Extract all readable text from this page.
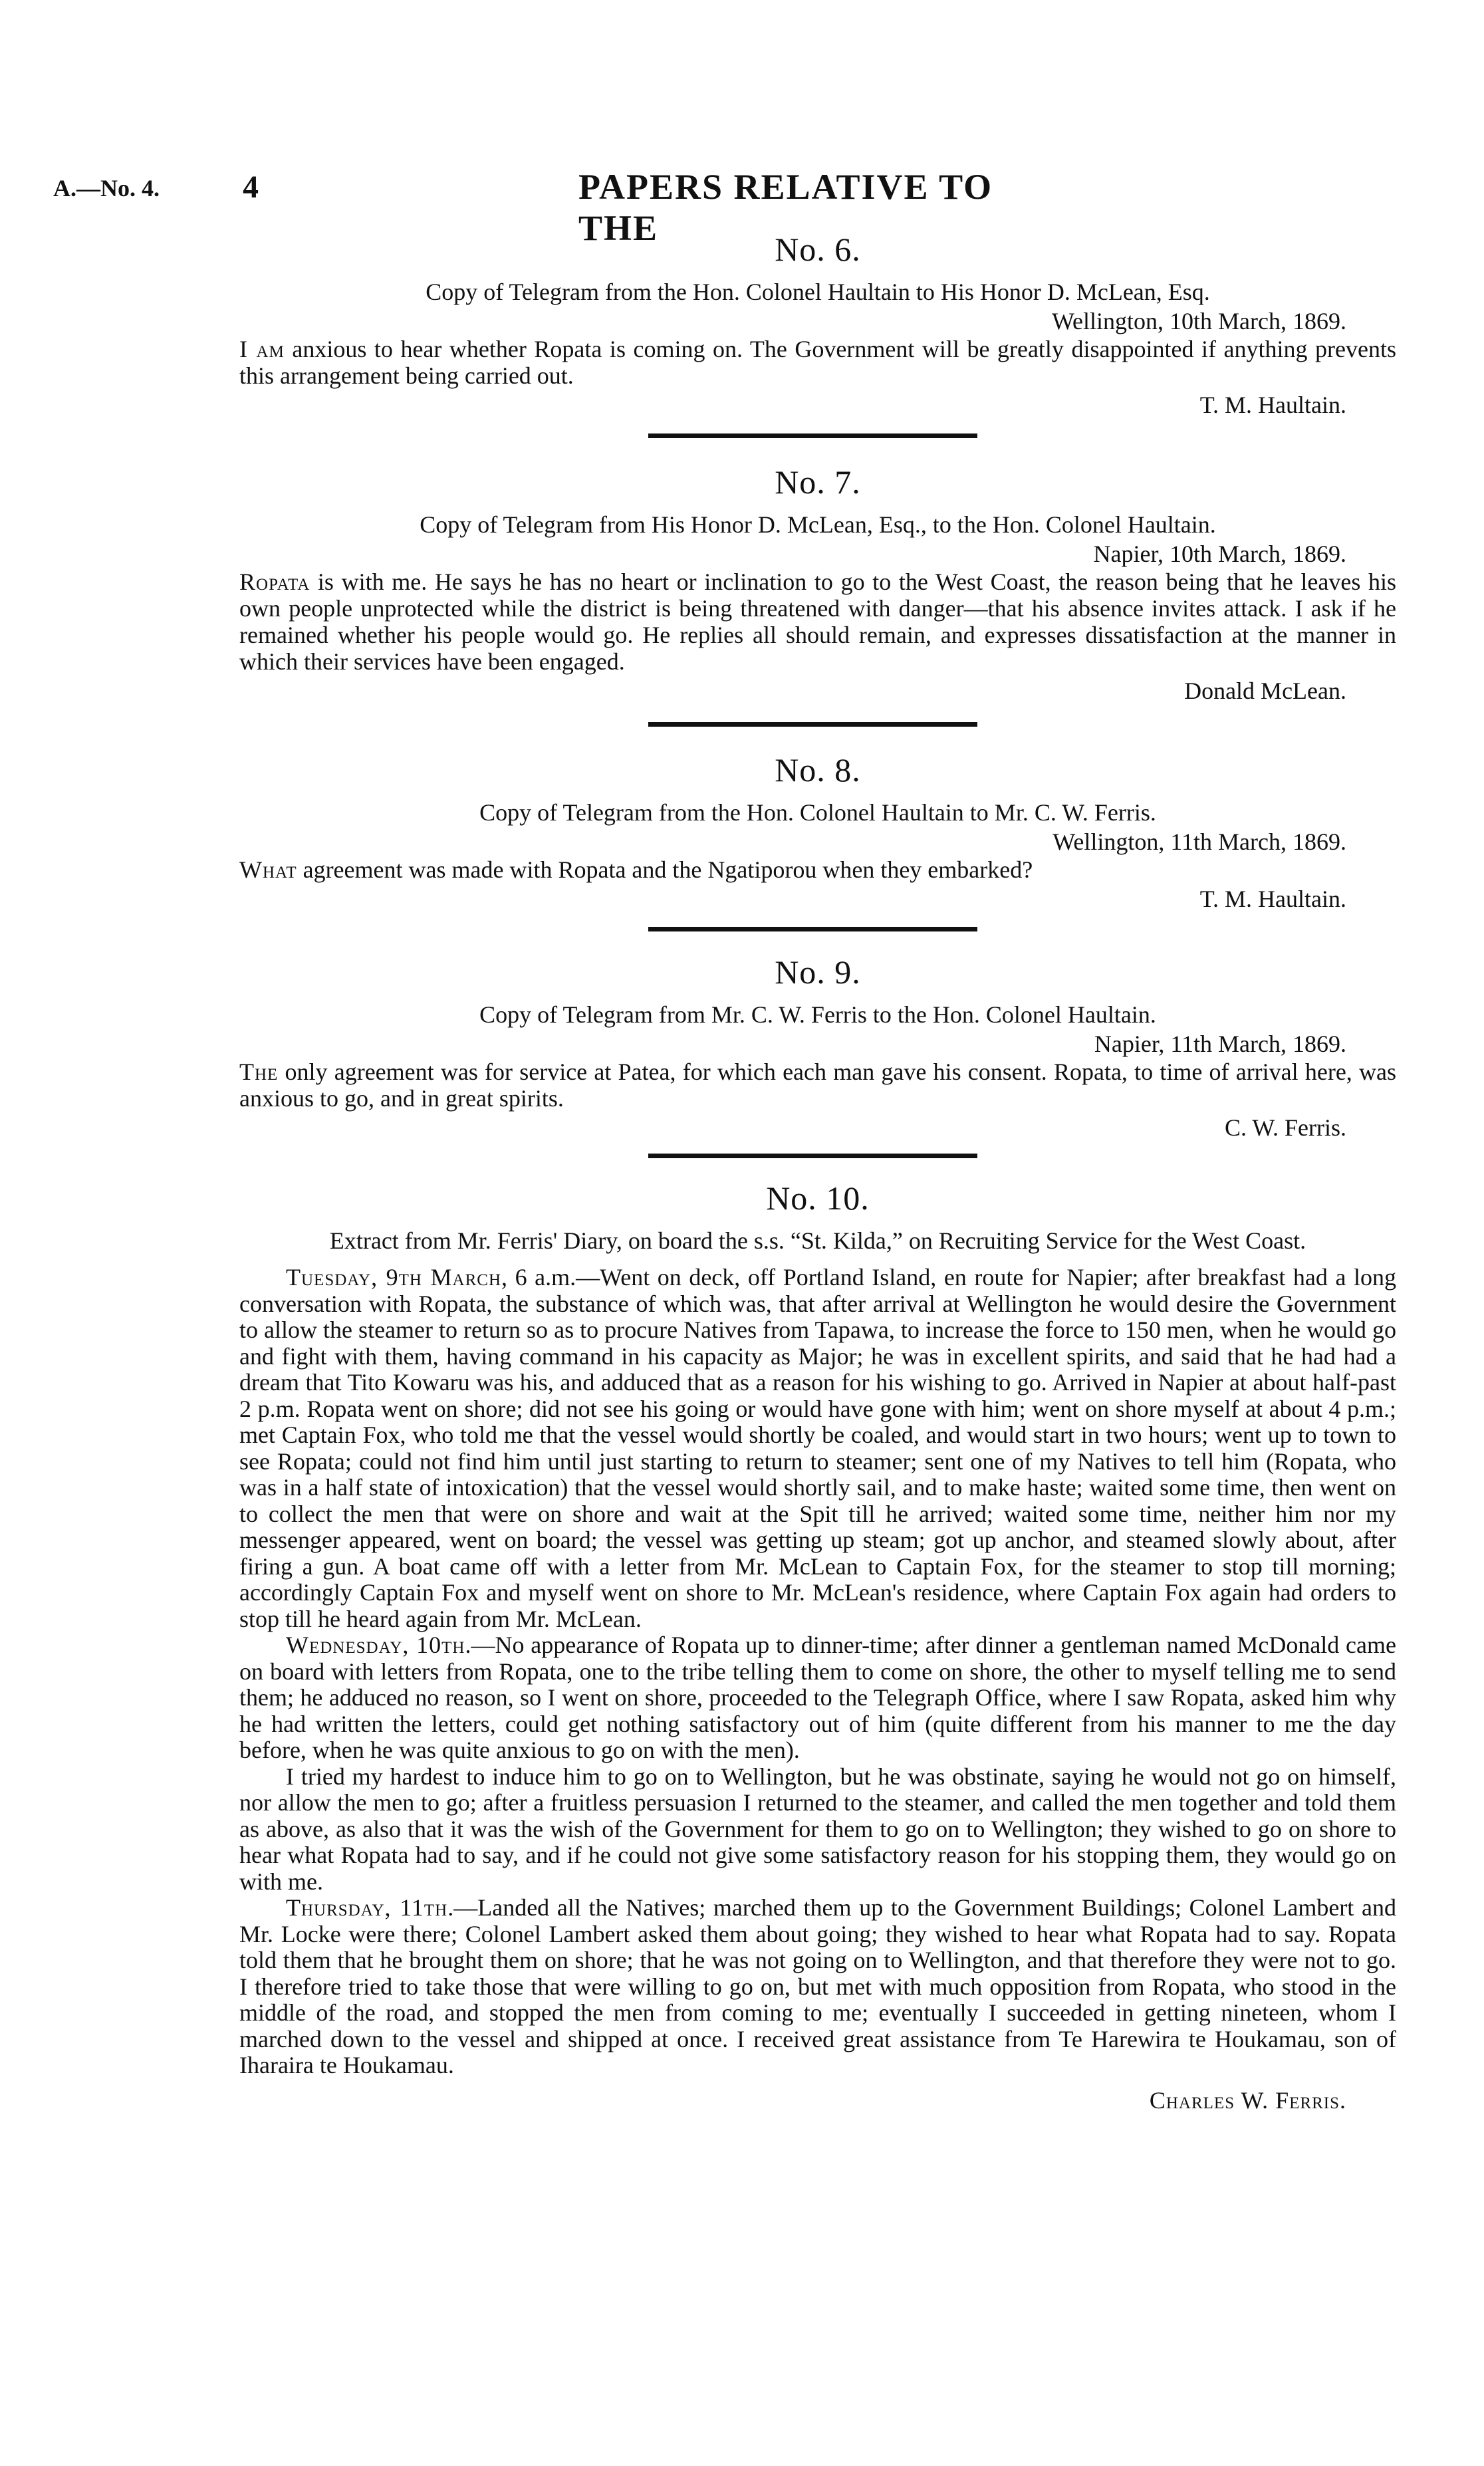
A.—No. 4.	4	PAPERS RELATIVE TO THE
No. 6.
Copy of Telegram from the Hon. Colonel Haultain to His Honor D. McLean, Esq.
Wellington, 10th March, 1869.
I am anxious to hear whether Ropata is coming on. The Government will be greatly disappointed if anything prevents this arrangement being carried out.
T. M. Haultain.
No. 7.
Copy of Telegram from His Honor D. McLean, Esq., to the Hon. Colonel Haultain.
Napier, 10th March, 1869.
Ropata is with me. He says he has no heart or inclination to go to the West Coast, the reason being that he leaves his own people unprotected while the district is being threatened with danger—that his absence invites attack. I ask if he remained whether his people would go. He replies all should remain, and expresses dissatisfaction at the manner in which their services have been engaged.
Donald McLean.
No. 8.
Copy of Telegram from the Hon. Colonel Haultain to Mr. C. W. Ferris.
Wellington, 11th March, 1869.
What agreement was made with Ropata and the Ngatiporou when they embarked?
T. M. Haultain.
No. 9.
Copy of Telegram from Mr. C. W. Ferris to the Hon. Colonel Haultain.
Napier, 11th March, 1869.
The only agreement was for service at Patea, for which each man gave his consent. Ropata, to time of arrival here, was anxious to go, and in great spirits.
C. W. Ferris.
No. 10.
Extract from Mr. Ferris' Diary, on board the s.s. “St. Kilda,” on Recruiting Service for the West Coast.

Tuesday, 9th March, 6 a.m.—Went on deck, off Portland Island, en route for Napier; after breakfast had a long conversation with Ropata, the substance of which was, that after arrival at Wellington he would desire the Government to allow the steamer to return so as to procure Natives from Tapawa, to increase the force to 150 men, when he would go and fight with them, having command in his capacity as Major; he was in excellent spirits, and said that he had had a dream that Tito Kowaru was his, and adduced that as a reason for his wishing to go. Arrived in Napier at about half-past 2 p.m. Ropata went on shore; did not see his going or would have gone with him; went on shore myself at about 4 p.m.; met Captain Fox, who told me that the vessel would shortly be coaled, and would start in two hours; went up to town to see Ropata; could not find him until just starting to return to steamer; sent one of my Natives to tell him (Ropata, who was in a half state of intoxication) that the vessel would shortly sail, and to make haste; waited some time, then went on to collect the men that were on shore and wait at the Spit till he arrived; waited some time, neither him nor my messenger appeared, went on board; the vessel was getting up steam; got up anchor, and steamed slowly about, after firing a gun. A boat came off with a letter from Mr. McLean to Captain Fox, for the steamer to stop till morning; accordingly Captain Fox and myself went on shore to Mr. McLean's residence, where Captain Fox again had orders to stop till he heard again from Mr. McLean.

Wednesday, 10th.—No appearance of Ropata up to dinner-time; after dinner a gentleman named McDonald came on board with letters from Ropata, one to the tribe telling them to come on shore, the other to myself telling me to send them; he adduced no reason, so I went on shore, proceeded to the Telegraph Office, where I saw Ropata, asked him why he had written the letters, could get nothing satisfactory out of him (quite different from his manner to me the day before, when he was quite anxious to go on with the men).

I tried my hardest to induce him to go on to Wellington, but he was obstinate, saying he would not go on himself, nor allow the men to go; after a fruitless persuasion I returned to the steamer, and called the men together and told them as above, as also that it was the wish of the Government for them to go on to Wellington; they wished to go on shore to hear what Ropata had to say, and if he could not give some satisfactory reason for his stopping them, they would go on with me.

Thursday, 11th.—Landed all the Natives; marched them up to the Government Buildings; Colonel Lambert and Mr. Locke were there; Colonel Lambert asked them about going; they wished to hear what Ropata had to say. Ropata told them that he brought them on shore; that he was not going on to Wellington, and that therefore they were not to go. I therefore tried to take those that were willing to go on, but met with much opposition from Ropata, who stood in the middle of the road, and stopped the men from coming to me; eventually I succeeded in getting nineteen, whom I marched down to the vessel and shipped at once. I received great assistance from Te Harewira te Houkamau, son of Iharaira te Houkamau.

Charles W. Ferris.
